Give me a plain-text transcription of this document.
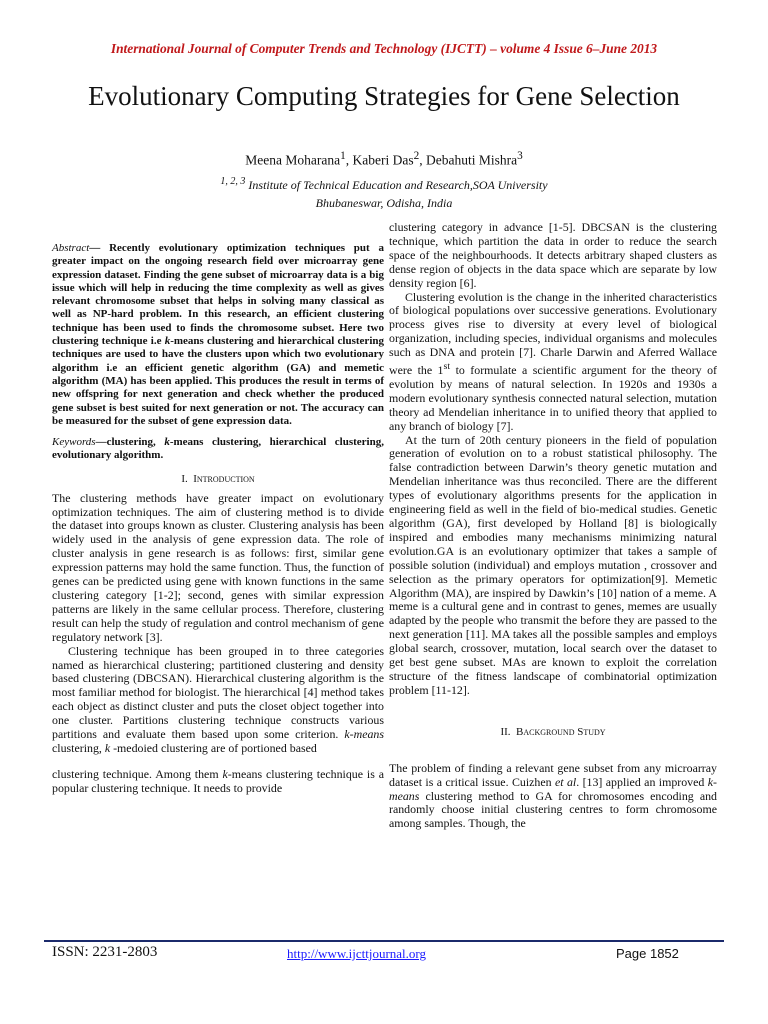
International Journal of Computer Trends and Technology (IJCTT) – volume 4 Issue 6–June 2013
Evolutionary Computing Strategies for Gene Selection
Meena Moharana$^1$, Kaberi Das$^2$, Debahuti Mishra$^3$
$^{1, 2, 3}$ Institute of Technical Education and Research,SOA University
Bhubaneswar, Odisha, India

Abstract— Recently evolutionary optimization techniques put a greater impact on the ongoing research field over microarray gene expression dataset. Finding the gene subset of microarray data is a big issue which will help in reducing the time complexity as well as gives relevant chromosome subset that helps in solving many classical as well as NP-hard problem. In this research, an efficient clustering technique has been used to finds the chromosome subset. Here two clustering technique i.e k-means clustering and hierarchical clustering techniques are used to have the clusters upon which two evolutionary algorithm i.e an efficient genetic algorithm (GA) and memetic algorithm (MA) has been applied. This produces the result in terms of new offspring for next generation and check whether the produced gene subset is best suited for next generation or not. The accuracy can be measured for the subset of gene expression data.

Keywords—clustering, k-means clustering, hierarchical clustering, evolutionary algorithm.

I. Introduction

The clustering methods have greater impact on evolutionary optimization techniques. The aim of clustering method is to divide the dataset into groups known as cluster. Clustering analysis has been widely used in the analysis of gene expression data. The role of cluster analysis in gene research is as follows: first, similar gene expression patterns may hold the same function. Thus, the function of genes can be predicted using gene with known functions in the same clustering category [1-2]; second, genes with similar expression patterns are likely in the same cellular process. Therefore, clustering result can help the study of regulation and control mechanism of gene regulatory network [3].

Clustering technique has been grouped in to three categories named as hierarchical clustering; partitioned clustering and density based clustering (DBCSAN). Hierarchical clustering algorithm is the most familiar method for biologist. The hierarchical [4] method takes each object as distinct cluster and puts the closet object together into one cluster. Partitions clustering technique constructs various partitions and evaluate them based upon some criterion. k-means clustering, k -medoied clustering are of portioned based

clustering technique. Among them k-means clustering technique is a popular clustering technique. It needs to provide

clustering category in advance [1-5]. DBCSAN is the clustering technique, which partition the data in order to reduce the search space of the neighbourhoods. It detects arbitrary shaped clusters as dense region of objects in the data space which are separate by low density region [6].

Clustering evolution is the change in the inherited characteristics of biological populations over successive generations. Evolutionary process gives rise to diversity at every level of biological organization, including species, individual organisms and molecules such as DNA and protein [7]. Charle Darwin and Aferred Wallace were the 1st to formulate a scientific argument for the theory of evolution by means of natural selection. In 1920s and 1930s a modern evolutionary synthesis connected natural selection, mutation theory ad Mendelian inheritance in to unified theory that applied to any branch of biology [7].

At the turn of 20th century pioneers in the field of population generation of evolution on to a robust statistical philosophy. The false contradiction between Darwin’s theory genetic mutation and Mendelian inheritance was thus reconciled. There are the different types of evolutionary algorithms presents for the application in engineering field as well in the field of bio-medical studies. Genetic algorithm (GA), first developed by Holland [8] is biologically inspired and embodies many mechanisms minimizing natural evolution.GA is an evolutionary optimizer that takes a sample of possible solution (individual) and employs mutation , crossover and selection as the primary operators for optimization[9]. Memetic Algorithm (MA), are inspired by Dawkin’s [10] nation of a meme. A meme is a cultural gene and in contrast to genes, memes are usually adapted by the people who transmit the before they are passed to the next generation [11]. MA takes all the possible samples and employs global search, crossover, mutation, local search over the dataset to get best gene subset. MAs are known to exploit the correlation structure of the fitness landscape of combinatorial optimization problem [11-12].

II. Background Study

The problem of finding a relevant gene subset from any microarray dataset is a critical issue. Cuizhen et al. [13] applied an improved k-means clustering method to GA for chromosomes encoding and randomly choose initial clustering centres to form chromosome among samples. Though, the

ISSN: 2231-2803	http://www.ijcttjournal.org	Page 1852
